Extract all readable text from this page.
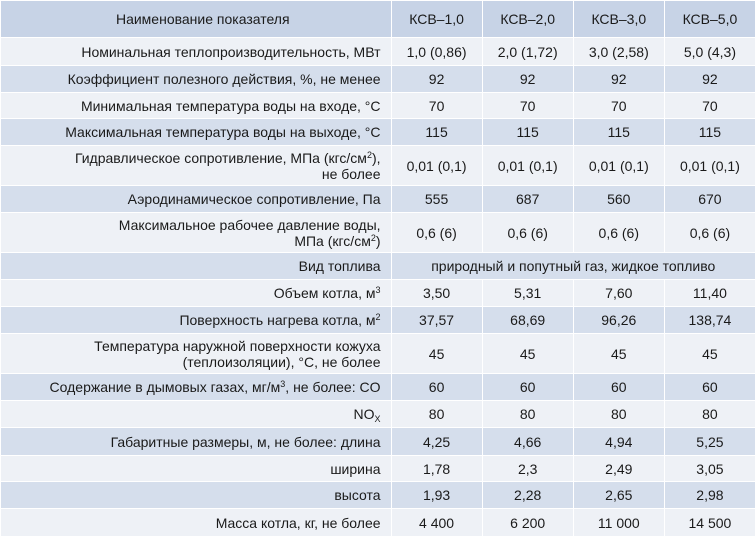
Наименование показателя	КСВ–1,0	КСВ–2,0	КСВ–3,0	КСВ–5,0
Номинальная теплопроизводительность, МВт	1,0 (0,86)	2,0 (1,72)	3,0 (2,58)	5,0 (4,3)
Коэффициент полезного действия, %, не менее	92	92	92	92
Минимальная температура воды на входе, °С	70	70	70	70
Максимальная температура воды на выходе, °С	115	115	115	115
Гидравлическое сопротивление, МПа $(кгс/см^2)$,
не более	0,01 (0,1)	0,01 (0,1)	0,01 (0,1)	0,01 (0,1)
Аэродинамическое сопротивление, Па	555	687	560	670
Максимальное рабочее давление воды,
МПа $(кгс/см^2)$	0,6 (6)	0,6 (6)	0,6 (6)	0,6 (6)
Вид топлива	природный и попутный газ, жидкое топливо			
Объем котла, $м^3$	3,50	5,31	7,60	11,40
Поверхность нагрева котла, $м^2$	37,57	68,69	96,26	138,74
Температура наружной поверхности кожуха
(теплоизоляции), °С, не более	45	45	45	45
Содержание в дымовых газах, $мг/м^3$, не более: CO	60	60	60	60
$NO_X$	80	80	80	80
Габаритные размеры, м, не более: длина	4,25	4,66	4,94	5,25
ширина	1,78	2,3	2,49	3,05
высота	1,93	2,28	2,65	2,98
Масса котла, кг, не более	4 400	6 200	11 000	14 500
